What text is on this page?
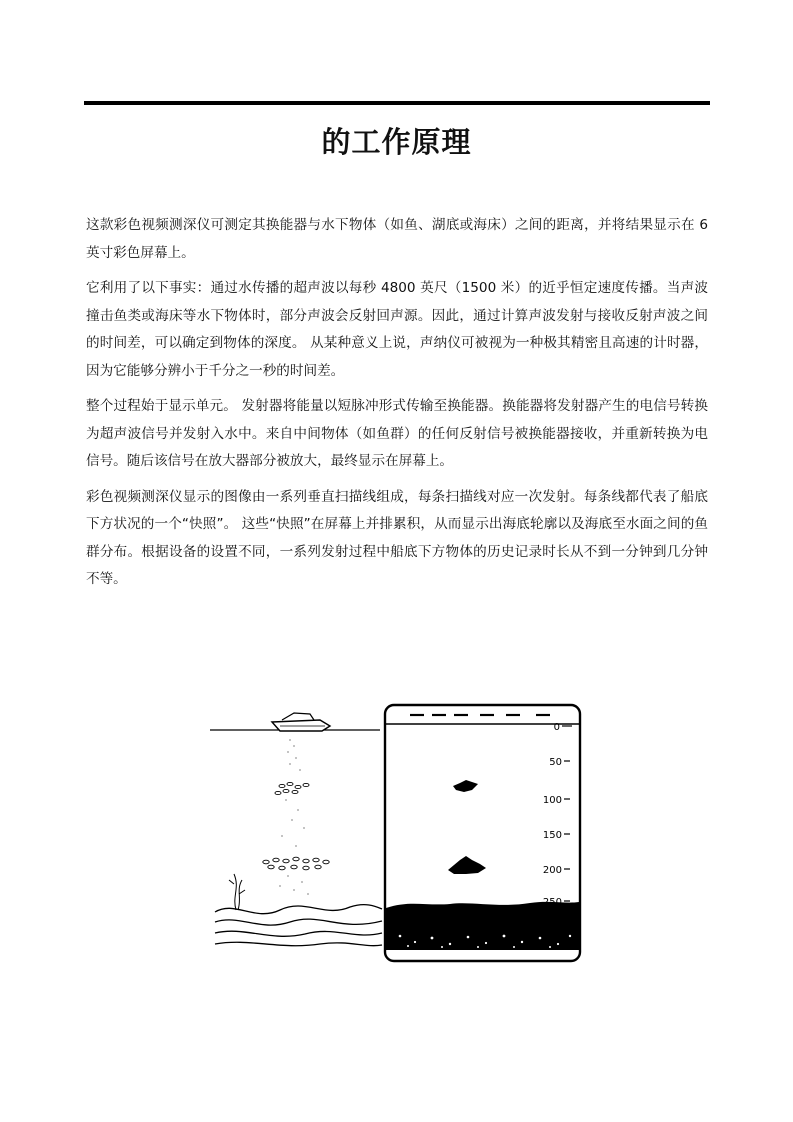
的工作原理

这款彩色视频测深仪可测定其换能器与水下物体（如鱼、湖底或海床）之间的距离，并将结果显示在 6 英寸彩色屏幕上。

它利用了以下事实：通过水传播的超声波以每秒 4800 英尺（1500 米）的近乎恒定速度传播。当声波撞击鱼类或海床等水下物体时，部分声波会反射回声源。因此，通过计算声波发射与接收反射声波之间的时间差，可以确定到物体的深度。 从某种意义上说，声纳仪可被视为一种极其精密且高速的计时器，因为它能够分辨小于千分之一秒的时间差。

整个过程始于显示单元。 发射器将能量以短脉冲形式传输至换能器。换能器将发射器产生的电信号转换为超声波信号并发射入水中。来自中间物体（如鱼群）的任何反射信号被换能器接收，并重新转换为电信号。随后该信号在放大器部分被放大，最终显示在屏幕上。

彩色视频测深仪显示的图像由一系列垂直扫描线组成，每条扫描线对应一次发射。每条线都代表了船底下方状况的一个“快照”。 这些“快照”在屏幕上并排累积，从而显示出海底轮廓以及海底至水面之间的鱼群分布。根据设备的设置不同，一系列发射过程中船底下方物体的历史记录时长从不到一分钟到几分钟不等。

0
50
100
150
200
